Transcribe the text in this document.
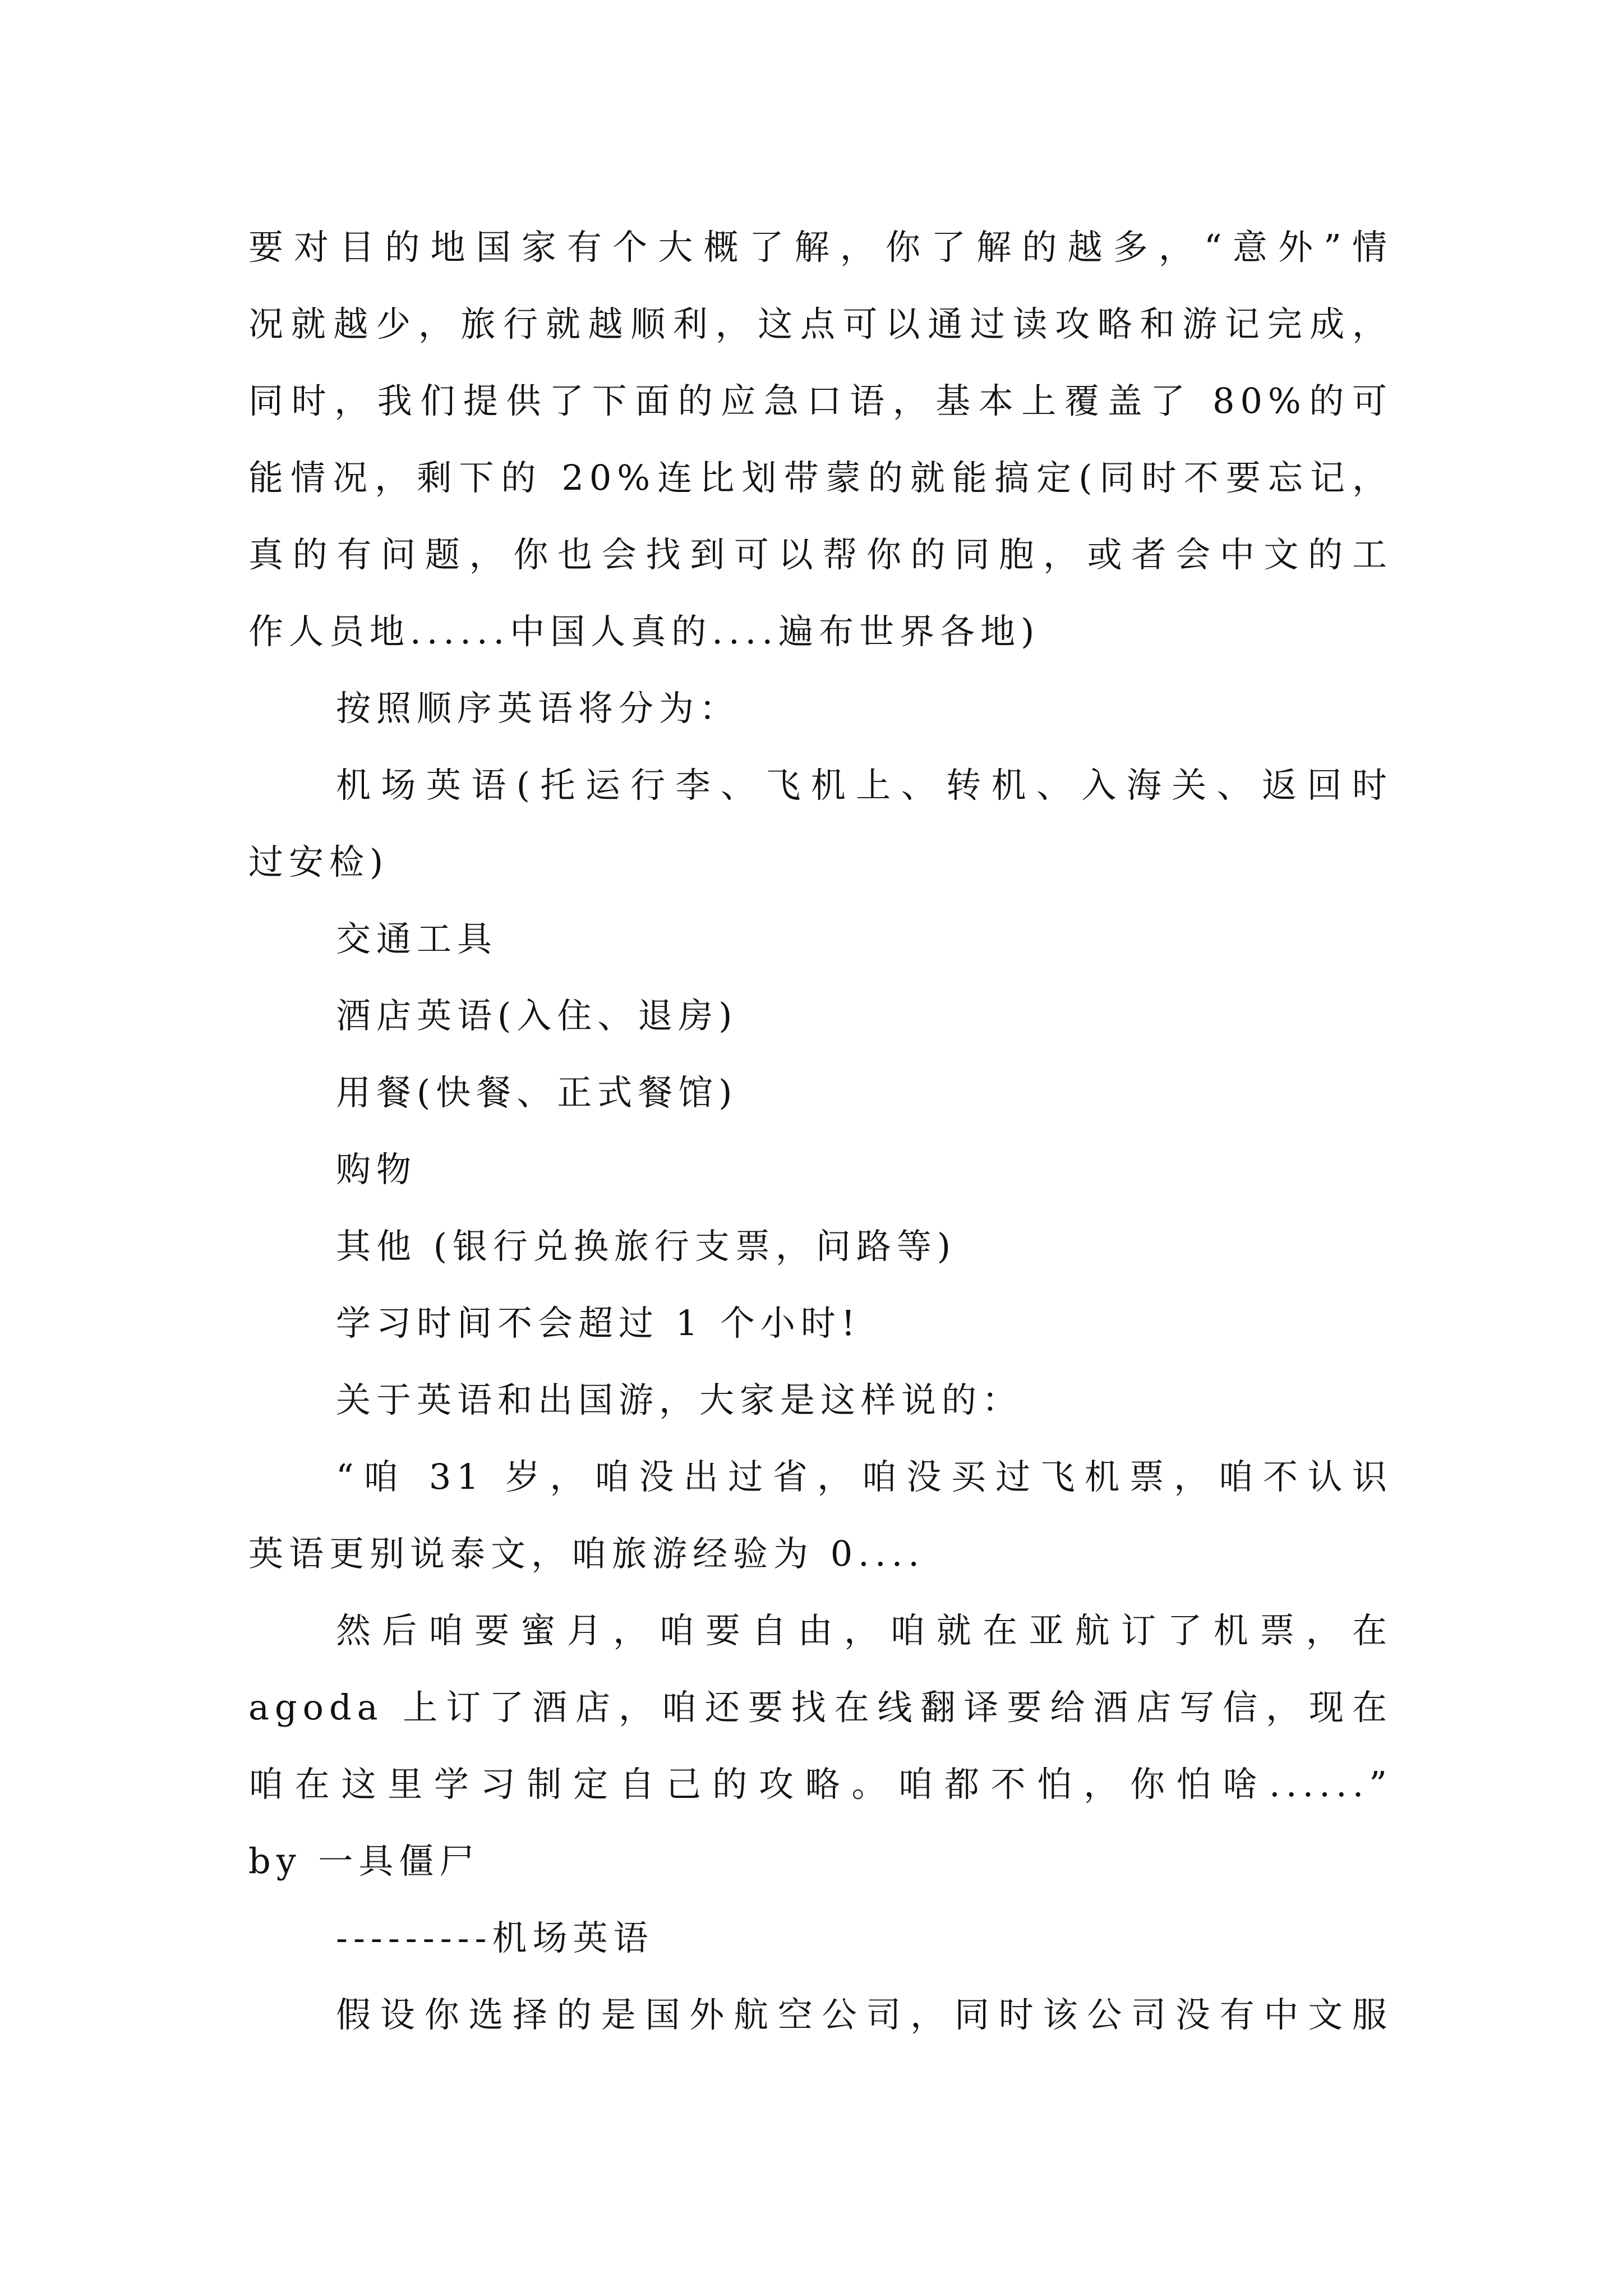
要对目的地国家有个大概了解，你了解的越多，“意外”情
况就越少，旅行就越顺利，这点可以通过读攻略和游记完成，
同时，我们提供了下面的应急口语，基本上覆盖了 80%的可
能情况，剩下的 20%连比划带蒙的就能搞定(同时不要忘记，
真的有问题，你也会找到可以帮你的同胞，或者会中文的工
作人员地......中国人真的....遍布世界各地)
按照顺序英语将分为：
机场英语(托运行李、飞机上、转机、入海关、返回时
过安检)
交通工具
酒店英语(入住、退房)
用餐(快餐、正式餐馆)
购物
其他 (银行兑换旅行支票，问路等)
学习时间不会超过 1 个小时!
关于英语和出国游，大家是这样说的：
“咱 31 岁，咱没出过省，咱没买过飞机票，咱不认识
英语更别说泰文，咱旅游经验为 0....
然后咱要蜜月，咱要自由，咱就在亚航订了机票，在
agoda 上订了酒店，咱还要找在线翻译要给酒店写信，现在
咱在这里学习制定自己的攻略。咱都不怕，你怕啥......”
by 一具僵尸
---------机场英语
假设你选择的是国外航空公司，同时该公司没有中文服
